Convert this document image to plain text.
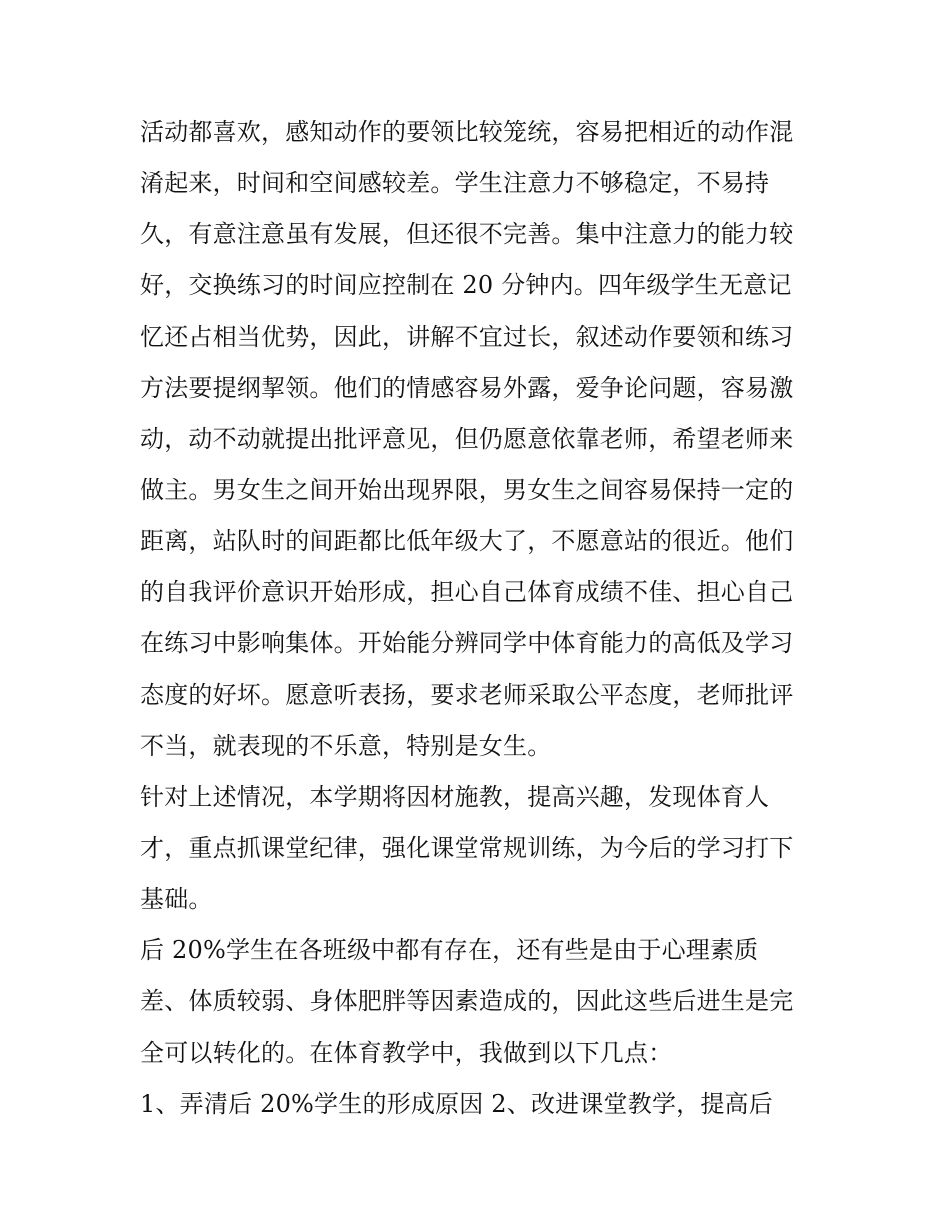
活动都喜欢，感知动作的要领比较笼统，容易把相近的动作混
淆起来，时间和空间感较差。学生注意力不够稳定，不易持
久，有意注意虽有发展，但还很不完善。集中注意力的能力较
好，交换练习的时间应控制在 20 分钟内。四年级学生无意记
忆还占相当优势，因此，讲解不宜过长，叙述动作要领和练习
方法要提纲挈领。他们的情感容易外露，爱争论问题，容易激
动，动不动就提出批评意见，但仍愿意依靠老师，希望老师来
做主。男女生之间开始出现界限，男女生之间容易保持一定的
距离，站队时的间距都比低年级大了，不愿意站的很近。他们
的自我评价意识开始形成，担心自己体育成绩不佳、担心自己
在练习中影响集体。开始能分辨同学中体育能力的高低及学习
态度的好坏。愿意听表扬，要求老师采取公平态度，老师批评
不当，就表现的不乐意，特别是女生。
针对上述情况，本学期将因材施教，提高兴趣，发现体育人
才，重点抓课堂纪律，强化课堂常规训练，为今后的学习打下
基础。
后 20%学生在各班级中都有存在，还有些是由于心理素质
差、体质较弱、身体肥胖等因素造成的，因此这些后进生是完
全可以转化的。在体育教学中，我做到以下几点：
1、弄清后 20%学生的形成原因 2、改进课堂教学，提高后
